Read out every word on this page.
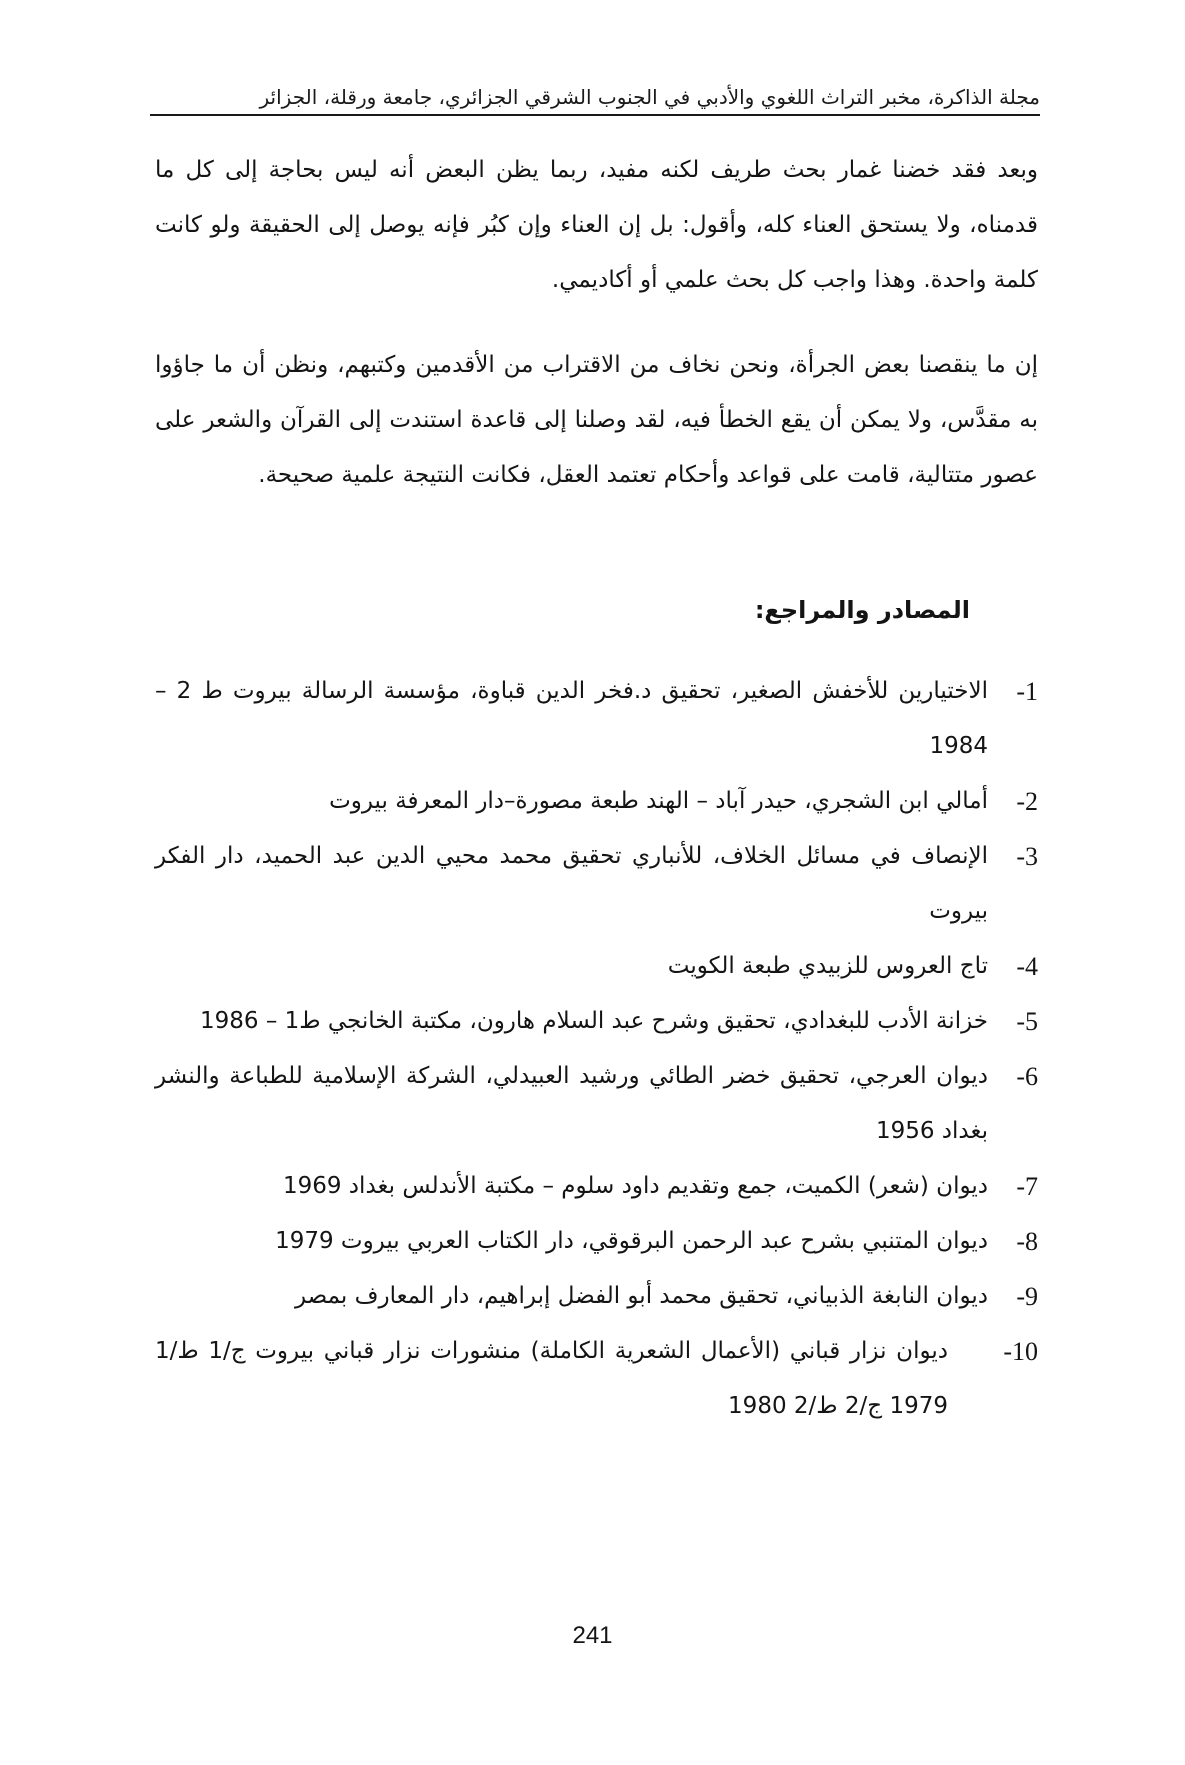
مجلة الذاكرة، مخبر التراث اللغوي والأدبي في الجنوب الشرقي الجزائري، جامعة ورقلة، الجزائر

وبعد فقد خضنا غمار بحث طريف لكنه مفيد، ربما يظن البعض أنه ليس بحاجة إلى كل ما قدمناه، ولا يستحق العناء كله، وأقول: بل إن العناء وإن كبُر فإنه يوصل إلى الحقيقة ولو كانت كلمة واحدة. وهذا واجب كل بحث علمي أو أكاديمي.

إن ما ينقصنا بعض الجرأة، ونحن نخاف من الاقتراب من الأقدمين وكتبهم، ونظن أن ما جاؤوا به مقدَّس، ولا يمكن أن يقع الخطأ فيه، لقد وصلنا إلى قاعدة استندت إلى القرآن والشعر على عصور متتالية، قامت على قواعد وأحكام تعتمد العقل، فكانت النتيجة علمية صحيحة.

المصادر والمراجع:
1-
الاختيارين للأخفش الصغير، تحقيق د.فخر الدين قباوة، مؤسسة الرسالة بيروت ط 2 – 1984
2-
أمالي ابن الشجري، حيدر آباد – الهند طبعة مصورة–دار المعرفة بيروت
3-
الإنصاف في مسائل الخلاف، للأنباري تحقيق محمد محيي الدين عبد الحميد، دار الفكر بيروت
4-
تاج العروس للزبيدي طبعة الكويت
5-
خزانة الأدب للبغدادي، تحقيق وشرح عبد السلام هارون، مكتبة الخانجي ط1 – 1986
6-
ديوان العرجي، تحقيق خضر الطائي ورشيد العبيدلي، الشركة الإسلامية للطباعة والنشر بغداد 1956
7-
ديوان (شعر) الكميت، جمع وتقديم داود سلوم – مكتبة الأندلس بغداد 1969
8-
ديوان المتنبي بشرح عبد الرحمن البرقوقي، دار الكتاب العربي بيروت 1979
9-
ديوان النابغة الذبياني، تحقيق محمد أبو الفضل إبراهيم، دار المعارف بمصر
10-
ديوان نزار قباني (الأعمال الشعرية الكاملة) منشورات نزار قباني بيروت ج/1 ط/1 1979 ج/2 ط/2 1980
241
